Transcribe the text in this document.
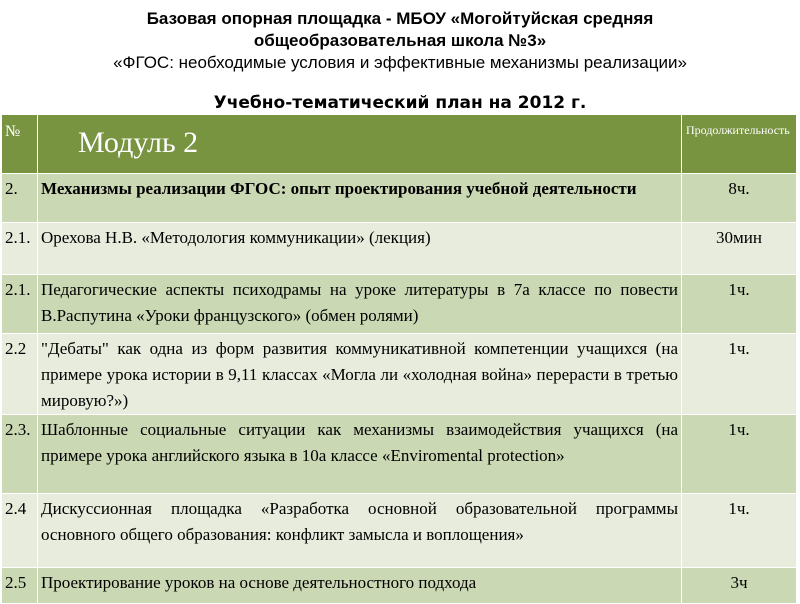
Базовая опорная площадка - МБОУ «Могойтуйская средняя
общеобразовательная школа №3»
«ФГОС: необходимые условия и эффективные механизмы реализации»
Учебно-тематический план на 2012 г.
№	Модуль 2	Продолжительность
2.	Механизмы реализации ФГОС: опыт проектирования учебной деятельности	8ч.
2.1.	Орехова Н.В. «Методология коммуникации» (лекция)	30мин
2.1.	Педагогические аспекты психодрамы на уроке литературы в 7а классе по повести В.Распутина «Уроки французского» (обмен ролями)	1ч.
2.2	"Дебаты" как одна из форм развития коммуникативной компетенции учащихся (на примере урока истории в 9,11 классах «Могла ли «холодная война» перерасти в третью мировую?»)	1ч.
2.3.	Шаблонные социальные ситуации как механизмы взаимодействия учащихся (на примере урока английского языка в 10а классе «Enviromental protection»	1ч.
2.4	Дискуссионная площадка «Разработка основной образовательной программы основного общего образования: конфликт замысла и воплощения»	1ч.
2.5	Проектирование уроков на основе деятельностного подхода	3ч
